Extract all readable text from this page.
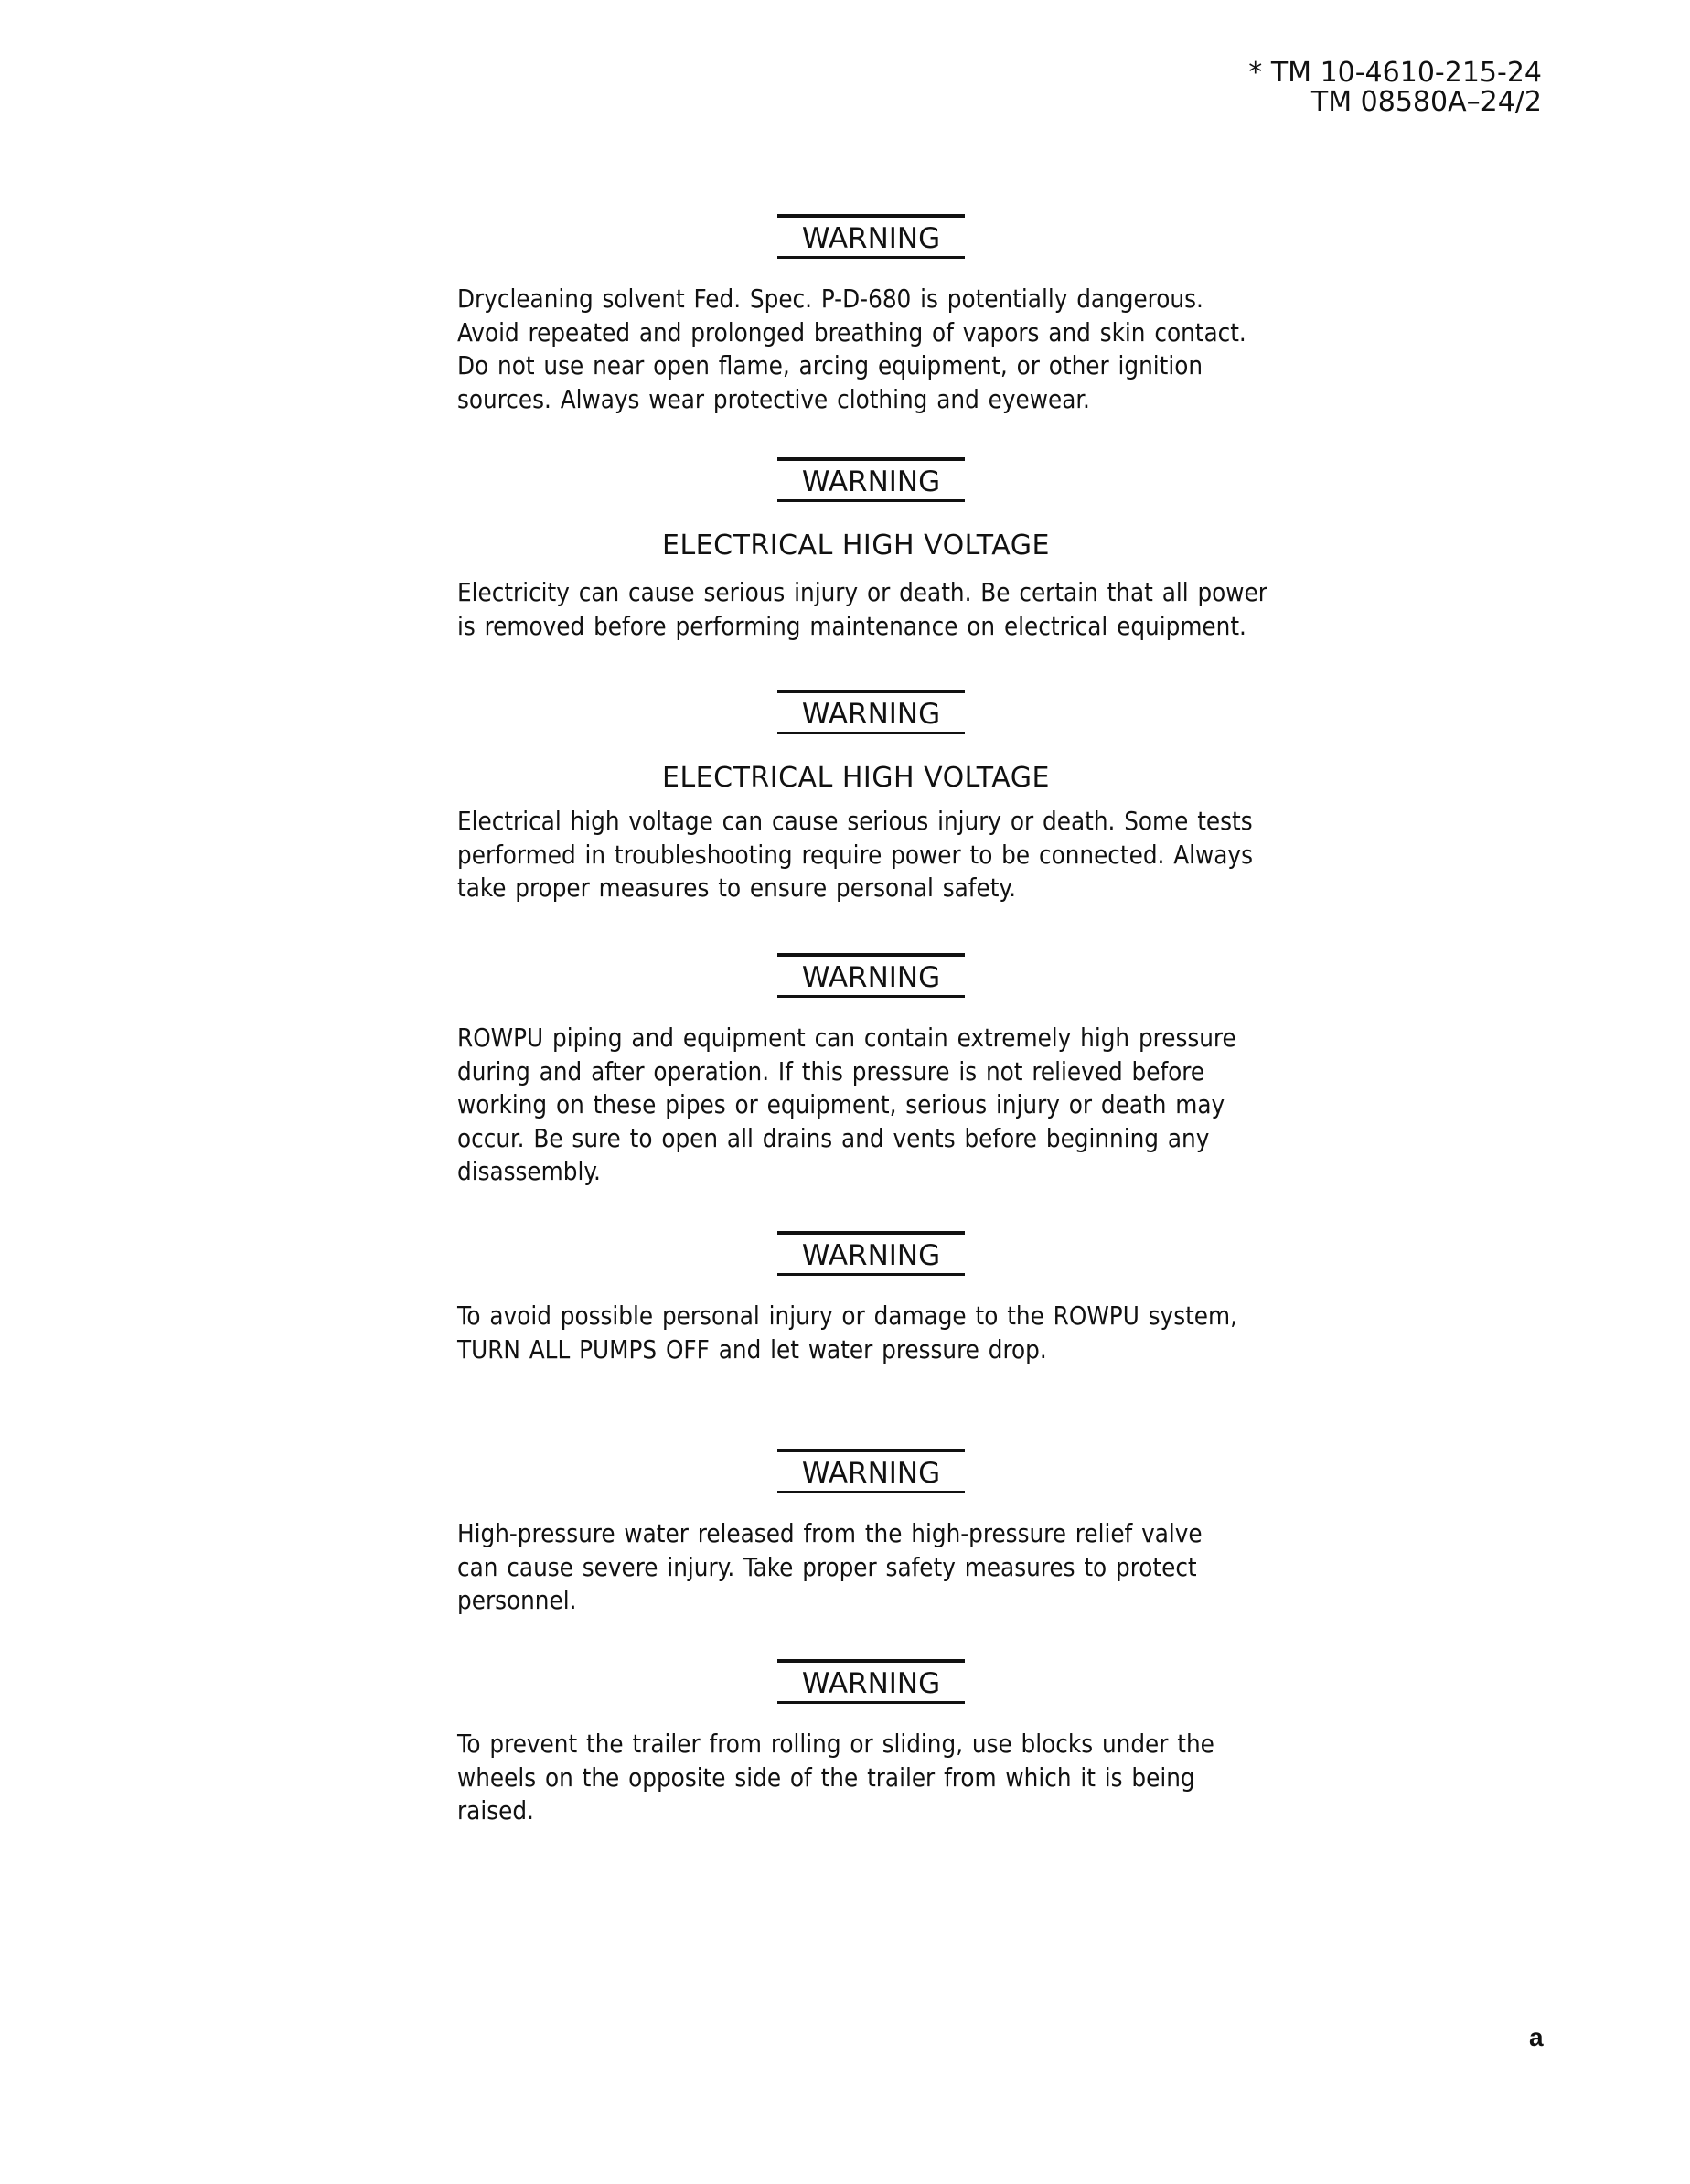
* TM 10-4610-215-24
TM 08580A–24/2
WARNING
Drycleaning solvent Fed. Spec. P-D-680 is potentially dangerous.
Avoid repeated and prolonged breathing of vapors and skin contact.
Do not use near open flame, arcing equipment, or other ignition
sources. Always wear protective clothing and eyewear.
WARNING
ELECTRICAL HIGH VOLTAGE
Electricity can cause serious injury or death. Be certain that all power
is removed before performing maintenance on electrical equipment.
WARNING
ELECTRICAL HIGH VOLTAGE
Electrical high voltage can cause serious injury or death. Some tests
performed in troubleshooting require power to be connected. Always
take proper measures to ensure personal safety.
WARNING
ROWPU piping and equipment can contain extremely high pressure
during and after operation. If this pressure is not relieved before
working on these pipes or equipment, serious injury or death may
occur. Be sure to open all drains and vents before beginning any
disassembly.
WARNING
To avoid possible personal injury or damage to the ROWPU system,
TURN ALL PUMPS OFF and let water pressure drop.
WARNING
High-pressure water released from the high-pressure relief valve
can cause severe injury. Take proper safety measures to protect
personnel.
WARNING
To prevent the trailer from rolling or sliding, use blocks under the
wheels on the opposite side of the trailer from which it is being
raised.
a
